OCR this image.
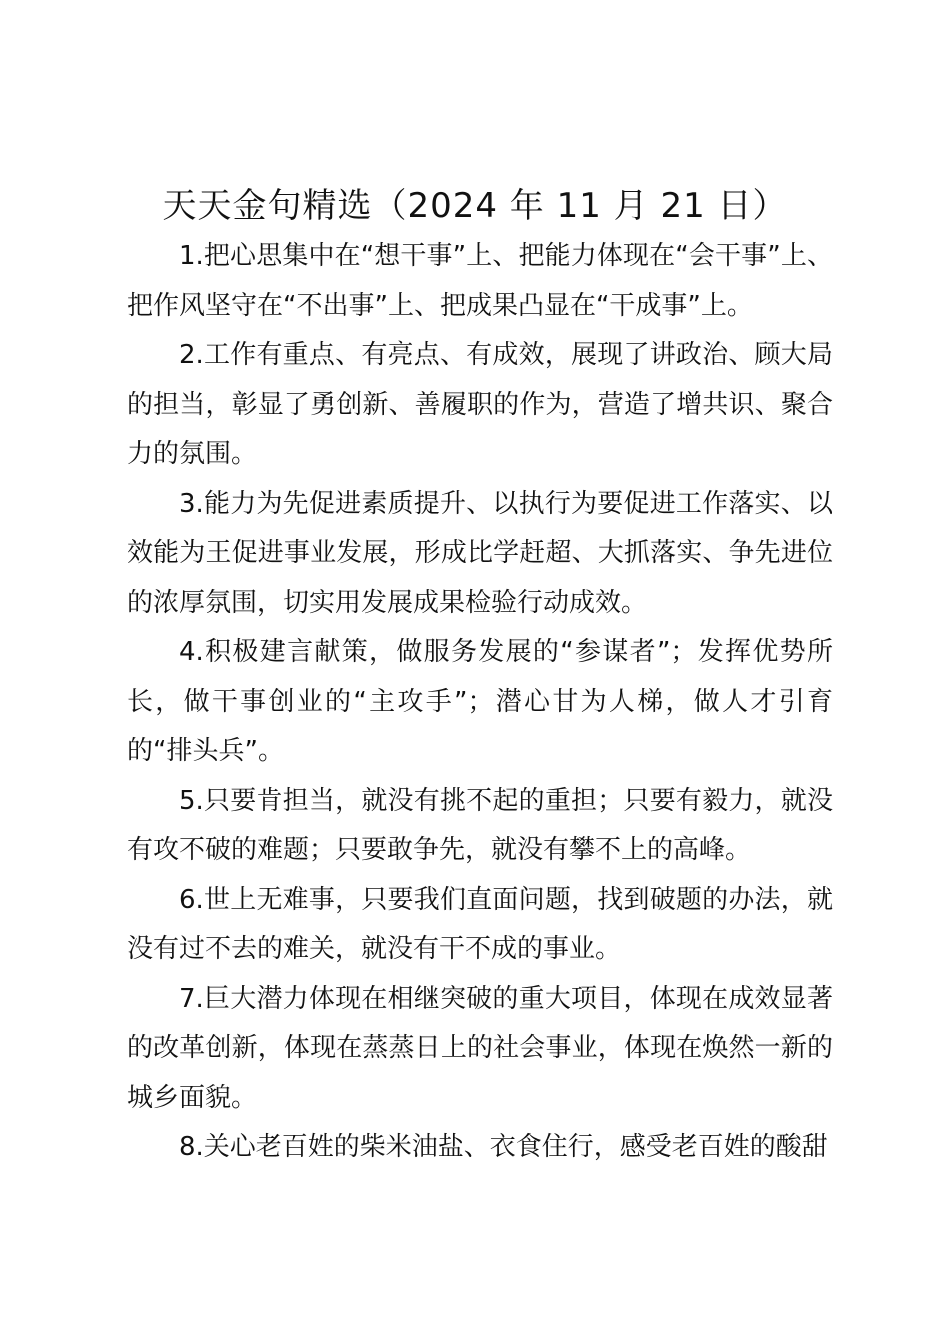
天天金句精选（2024 年 11 月 21 日）

1.把心思集中在“想干事”上、把能力体现在“会干事”上、把作风坚守在“不出事”上、把成果凸显在“干成事”上。

2.工作有重点、有亮点、有成效，展现了讲政治、顾大局的担当，彰显了勇创新、善履职的作为，营造了增共识、聚合力的氛围。

3.能力为先促进素质提升、以执行为要促进工作落实、以效能为王促进事业发展，形成比学赶超、大抓落实、争先进位的浓厚氛围，切实用发展成果检验行动成效。

4.积极建言献策，做服务发展的“参谋者”；发挥优势所长，做干事创业的“主攻手”；潜心甘为人梯，做人才引育的“排头兵”。

5.只要肯担当，就没有挑不起的重担；只要有毅力，就没有攻不破的难题；只要敢争先，就没有攀不上的高峰。

6.世上无难事，只要我们直面问题，找到破题的办法，就没有过不去的难关，就没有干不成的事业。

7.巨大潜力体现在相继突破的重大项目，体现在成效显著的改革创新，体现在蒸蒸日上的社会事业，体现在焕然一新的城乡面貌。

8.关心老百姓的柴米油盐、衣食住行，感受老百姓的酸甜
